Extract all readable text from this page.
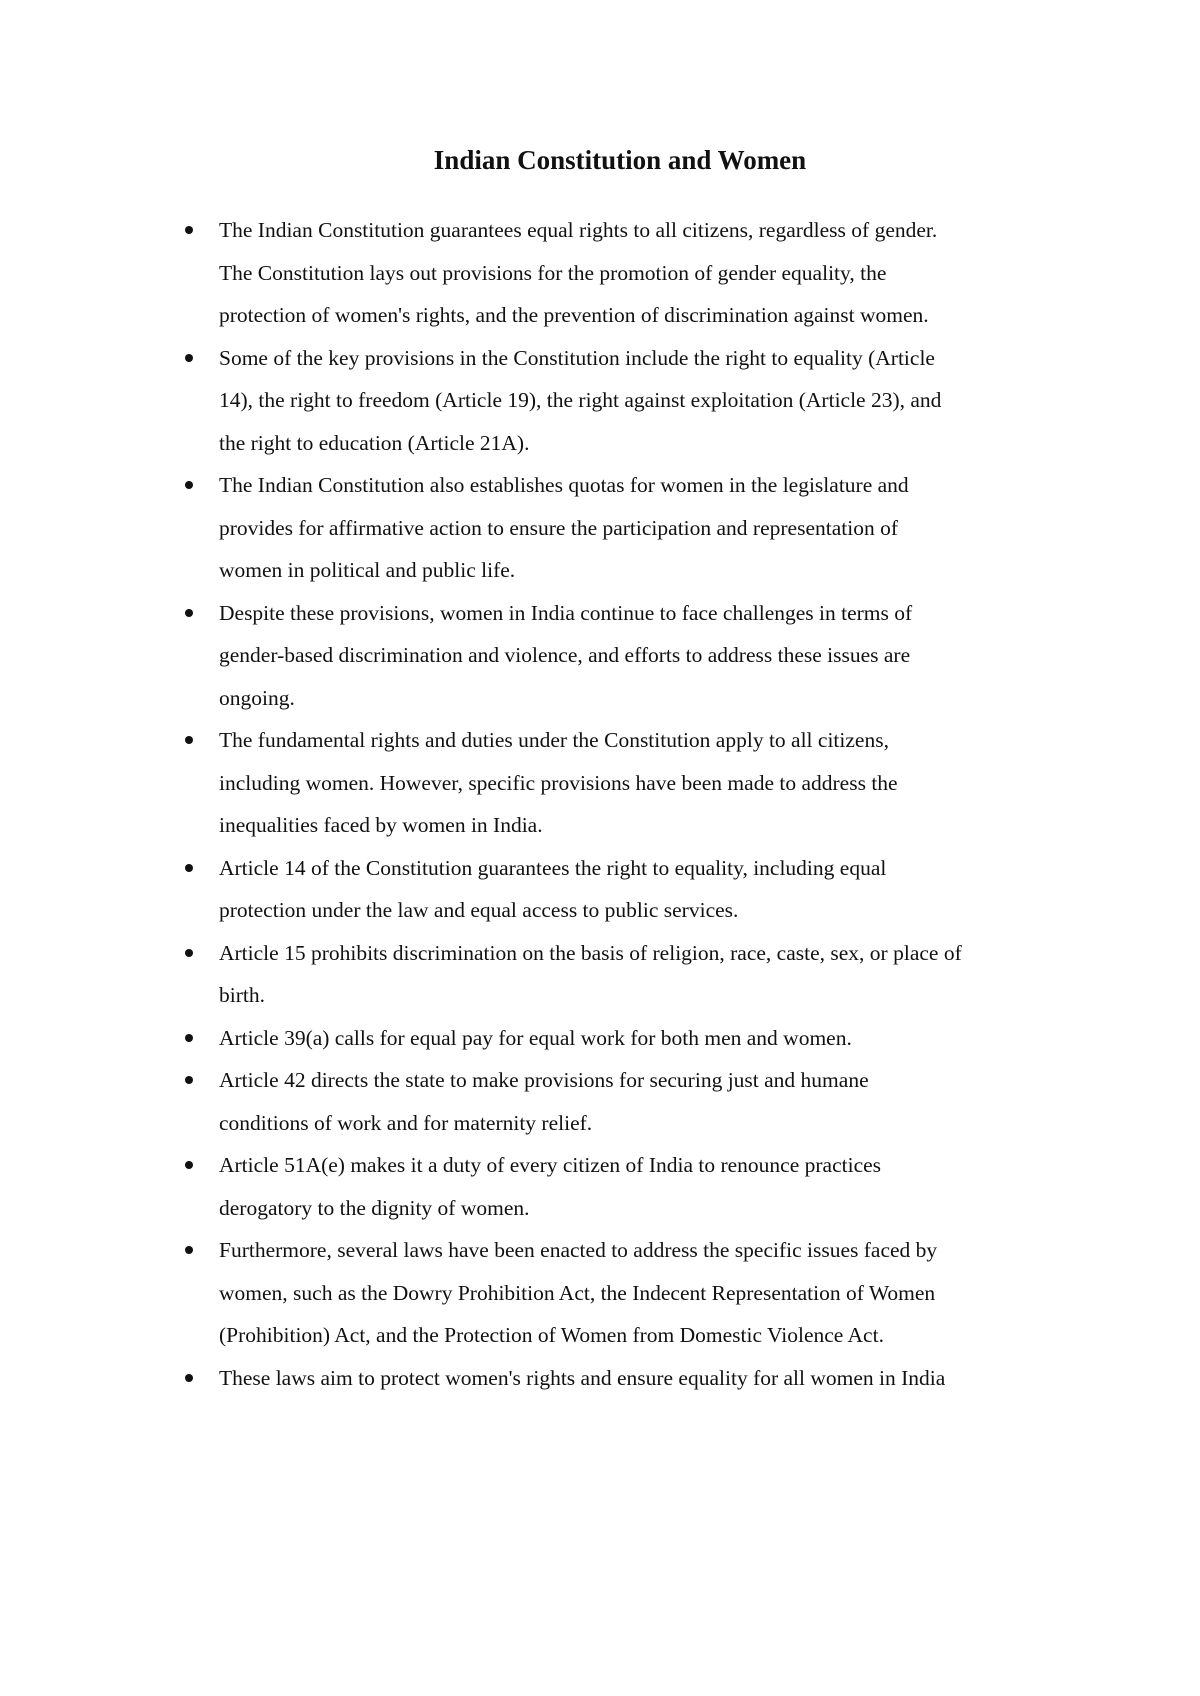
Indian Constitution and Women
The Indian Constitution guarantees equal rights to all citizens, regardless of gender.
The Constitution lays out provisions for the promotion of gender equality, the
protection of women's rights, and the prevention of discrimination against women.
Some of the key provisions in the Constitution include the right to equality (Article
14), the right to freedom (Article 19), the right against exploitation (Article 23), and
the right to education (Article 21A).
The Indian Constitution also establishes quotas for women in the legislature and
provides for affirmative action to ensure the participation and representation of
women in political and public life.
Despite these provisions, women in India continue to face challenges in terms of
gender-based discrimination and violence, and efforts to address these issues are
ongoing.
The fundamental rights and duties under the Constitution apply to all citizens,
including women. However, specific provisions have been made to address the
inequalities faced by women in India.
Article 14 of the Constitution guarantees the right to equality, including equal
protection under the law and equal access to public services.
Article 15 prohibits discrimination on the basis of religion, race, caste, sex, or place of
birth.
Article 39(a) calls for equal pay for equal work for both men and women.
Article 42 directs the state to make provisions for securing just and humane
conditions of work and for maternity relief.
Article 51A(e) makes it a duty of every citizen of India to renounce practices
derogatory to the dignity of women.
Furthermore, several laws have been enacted to address the specific issues faced by
women, such as the Dowry Prohibition Act, the Indecent Representation of Women
(Prohibition) Act, and the Protection of Women from Domestic Violence Act.
These laws aim to protect women's rights and ensure equality for all women in India
